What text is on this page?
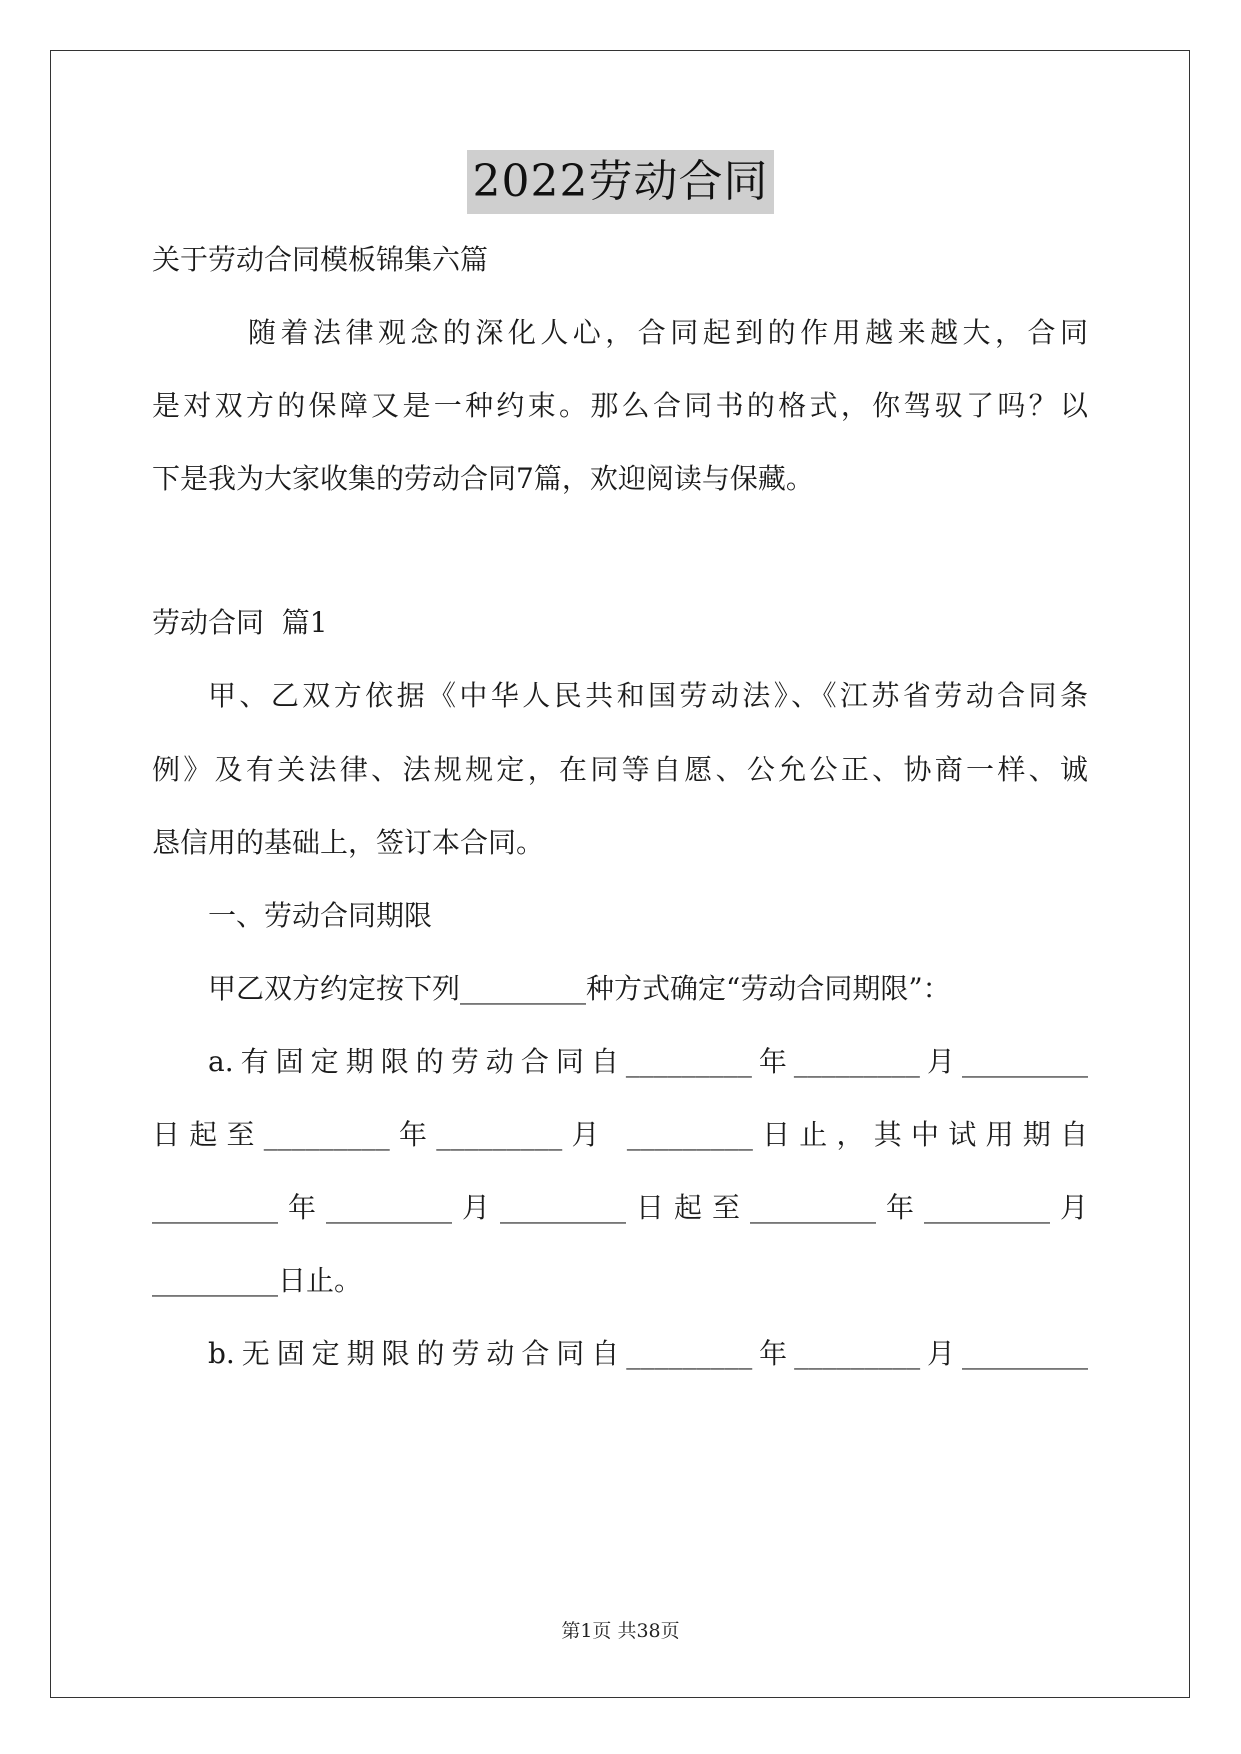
2022劳动合同
关于劳动合同模板锦集六篇
随着法律观念的深化人心，合同起到的作用越来越大，合同
是对双方的保障又是一种约束。那么合同书的格式，你驾驭了吗？以
下是我为大家收集的劳动合同7篇，欢迎阅读与保藏。
劳动合同  篇1
甲、乙双方依据《中华人民共和国劳动法》、《江苏省劳动合同条
例》及有关法律、法规规定，在同等自愿、公允公正、协商一样、诚
恳信用的基础上，签订本合同。
一、劳动合同期限
甲乙双方约定按下列_________种方式确定“劳动合同期限”：
a.有固定期限的劳动合同自_________年_________月_________
日起至_________年_________月 _________日止，其中试用期自
_________年_________月_________日起至_________年_________月
_________日止。
b.无固定期限的劳动合同自_________年_________月_________
第1页 共38页
